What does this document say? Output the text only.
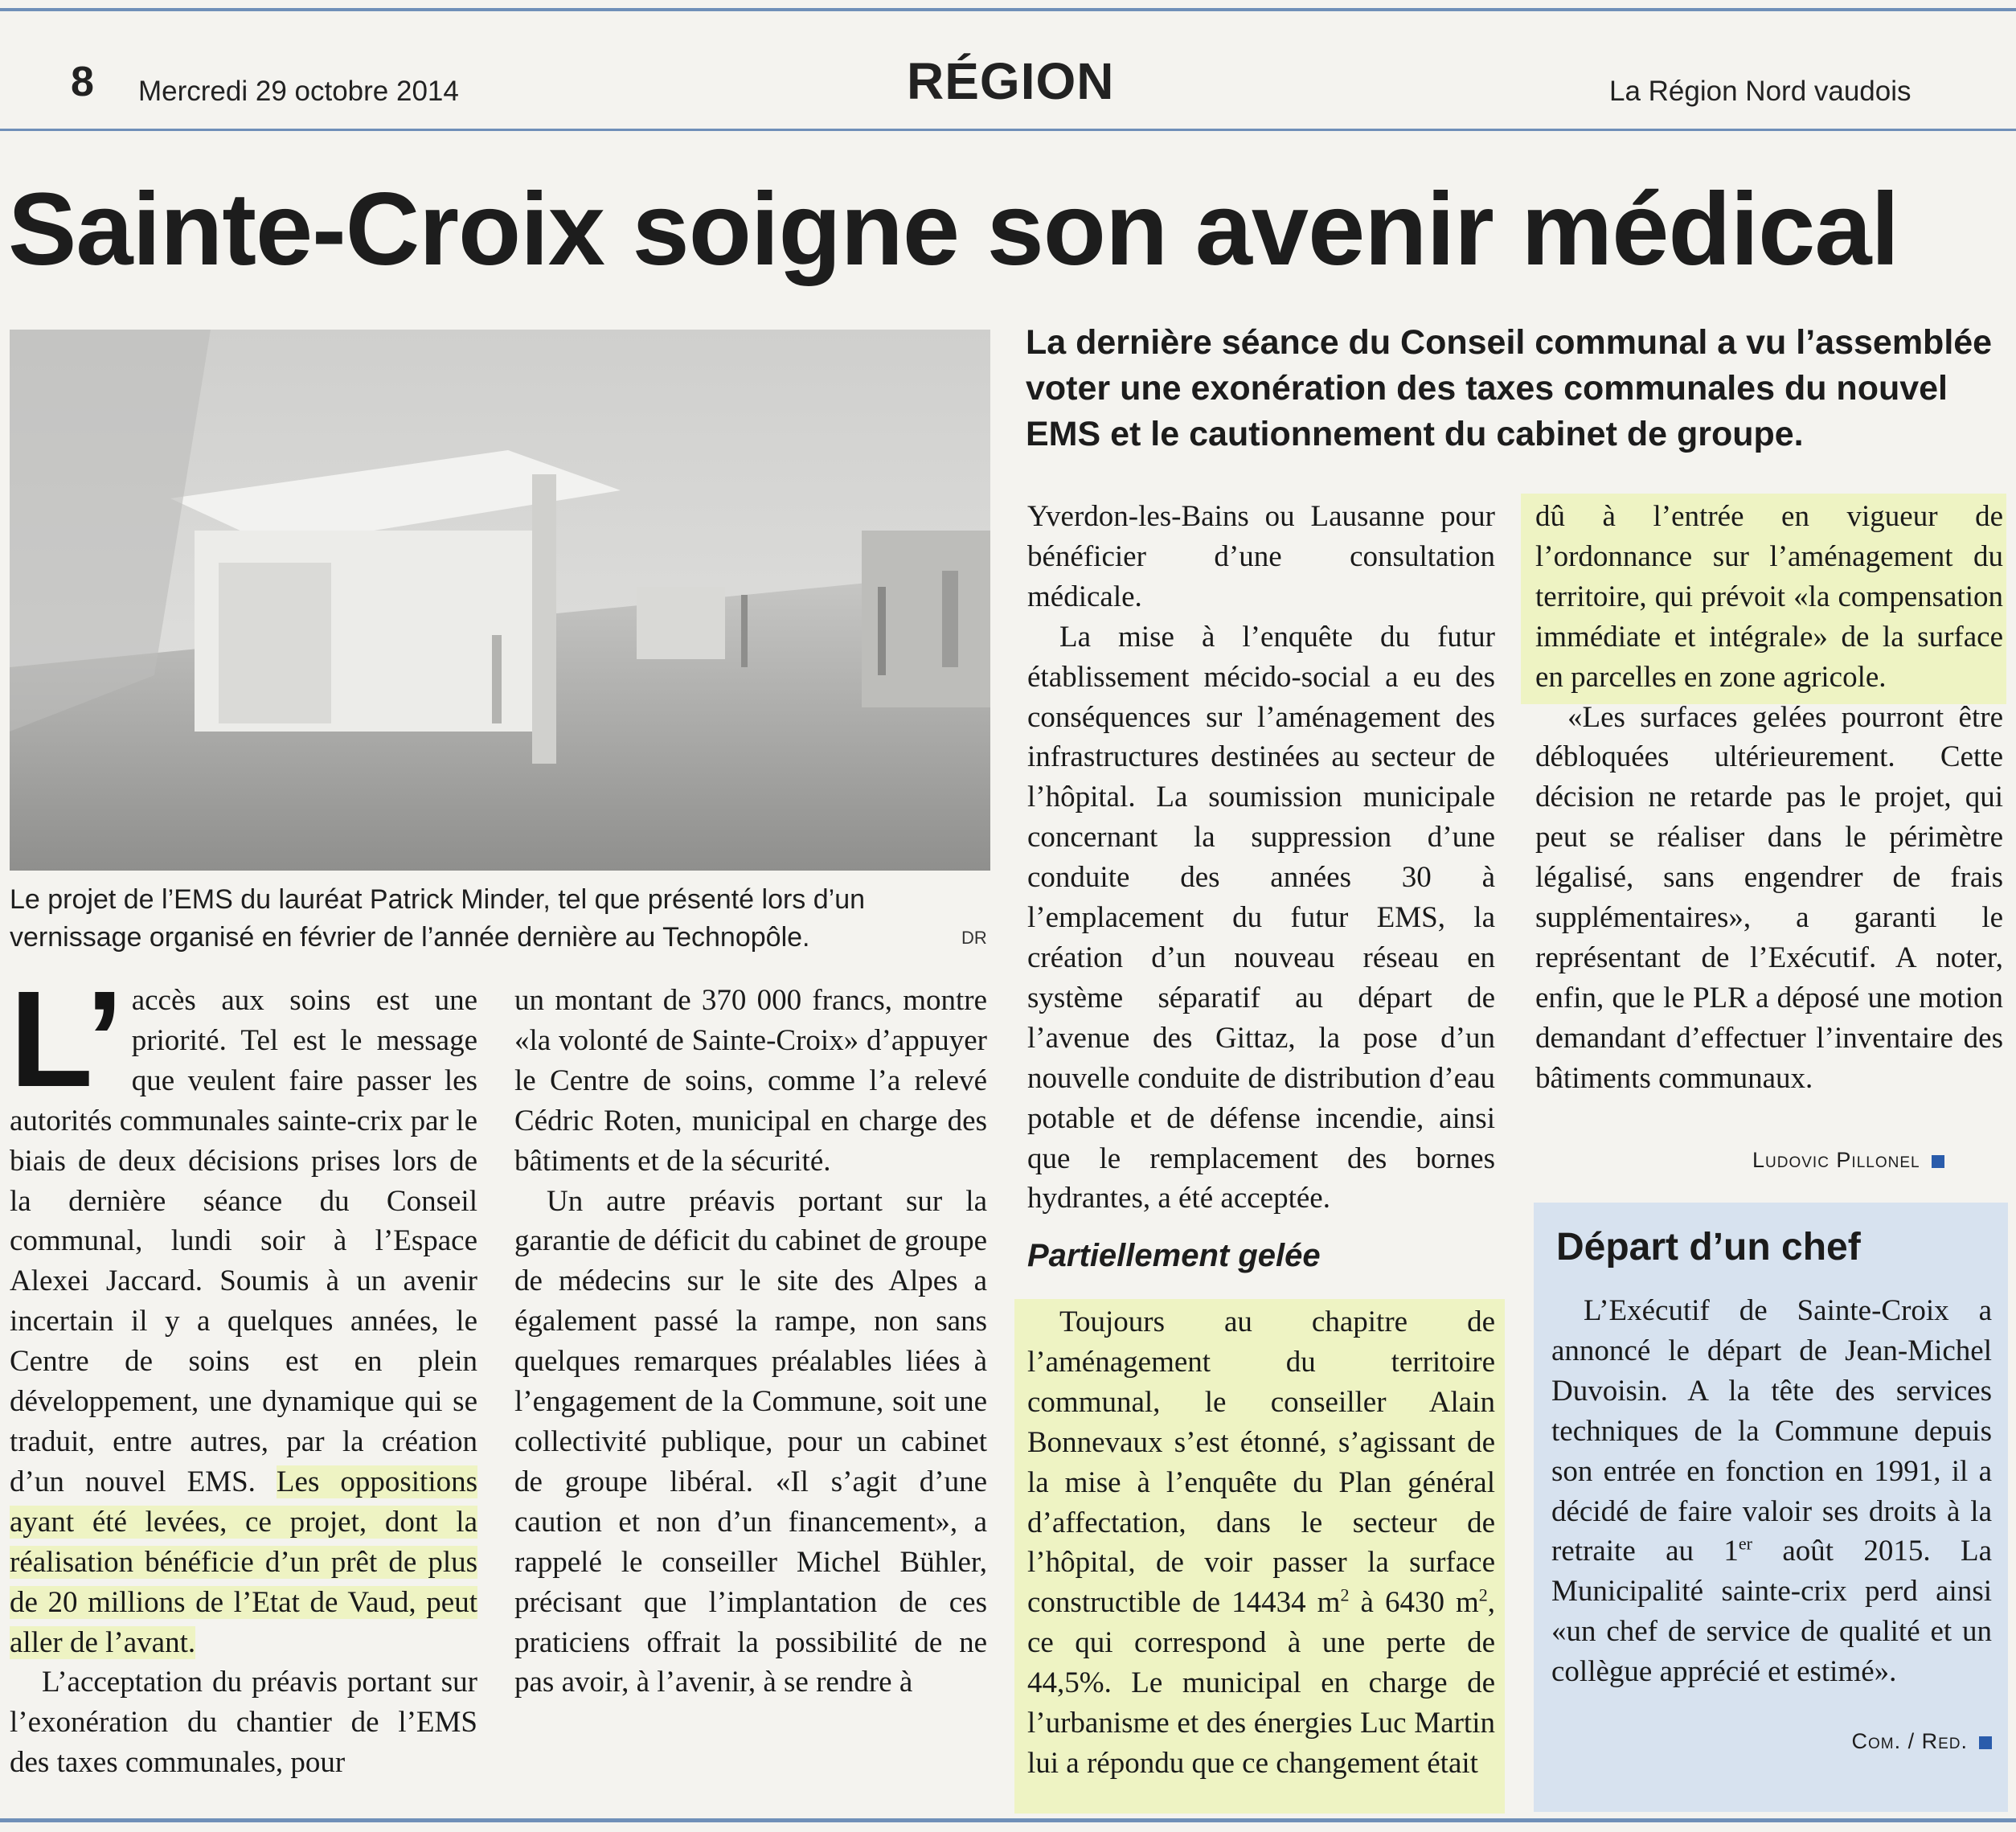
8 Mercredi 29 octobre 2014	RÉGION	La Région Nord vaudois
Sainte-Croix soigne son avenir médical
Le projet de l’EMS du lauréat Patrick Minder, tel que présenté lors d’un vernissage organisé en février de l’année dernière au Technopôle.	DR
La dernière séance du Conseil communal a vu l’assemblée voter une exonération des taxes communales du nouvel EMS et le cautionnement du cabinet de groupe.

L’ accès aux soins est une priorité. Tel est le message que veulent faire passer les autorités communales sainte-crix par le biais de deux décisions prises lors de la dernière séance du Conseil communal, lundi soir à l’Espace Alexei Jaccard. Soumis à un avenir incertain il y a quelques années, le Centre de soins est en plein développement, une dynamique qui se traduit, entre autres, par la création d’un nouvel EMS. Les oppositions ayant été levées, ce projet, dont la réalisation bénéficie d’un prêt de plus de 20 millions de l’Etat de Vaud, peut aller de l’avant.

L’acceptation du préavis portant sur l’exonération du chantier de l’EMS des taxes communales, pour

un montant de 370 000 francs, montre «la volonté de Sainte-Croix» d’appuyer le Centre de soins, comme l’a relevé Cédric Roten, municipal en charge des bâtiments et de la sécurité.

Un autre préavis portant sur la garantie de déficit du cabinet de groupe de médecins sur le site des Alpes a également passé la rampe, non sans quelques remarques préalables liées à l’engagement de la Commune, soit une collectivité publique, pour un cabinet de groupe libéral. «Il s’agit d’une caution et non d’un financement», a rappelé le conseiller Michel Bühler, précisant que l’implantation de ces praticiens offrait la possibilité de ne pas avoir, à l’avenir, à se rendre à

Yverdon-les-Bains ou Lausanne pour bénéficier d’une consultation médicale.

La mise à l’enquête du futur établissement mécido-social a eu des conséquences sur l’aménagement des infrastructures destinées au secteur de l’hôpital. La soumission municipale concernant la suppression d’une conduite des années 30 à l’emplacement du futur EMS, la création d’un nouveau réseau en système séparatif au départ de l’avenue des Gittaz, la pose d’un nouvelle conduite de distribution d’eau potable et de défense incendie, ainsi que le remplacement des bornes hydrantes, a été acceptée.

Partiellement gelée

Toujours au chapitre de l’aménagement du territoire communal, le conseiller Alain Bonnevaux s’est étonné, s’agissant de la mise à l’enquête du Plan général d’affectation, dans le secteur de l’hôpital, de voir passer la surface constructible de 14434 $m^2$ à 6430 $m^2$, ce qui correspond à une perte de 44,5%. Le municipal en charge de l’urbanisme et des énergies Luc Martin lui a répondu que ce changement était

dû à l’entrée en vigueur de l’ordonnance sur l’aménagement du territoire, qui prévoit «la compensation immédiate et intégrale» de la surface en parcelles en zone agricole.

«Les surfaces gelées pourront être débloquées ultérieurement. Cette décision ne retarde pas le projet, qui peut se réaliser dans le périmètre légalisé, sans engendrer de frais supplémentaires», a garanti le représentant de l’Exécutif. A noter, enfin, que le PLR a déposé une motion demandant d’effectuer l’inventaire des bâtiments communaux.

Ludovic Pillonel
Départ d’un chef

L’Exécutif de Sainte-Croix a annoncé le départ de Jean-Michel Duvoisin. A la tête des services techniques de la Commune depuis son entrée en fonction en 1991, il a décidé de faire valoir ses droits à la retraite au 1er août 2015. La Municipalité sainte-crix perd ainsi «un chef de service de qualité et un collègue apprécié et estimé».

Com. / Red.
